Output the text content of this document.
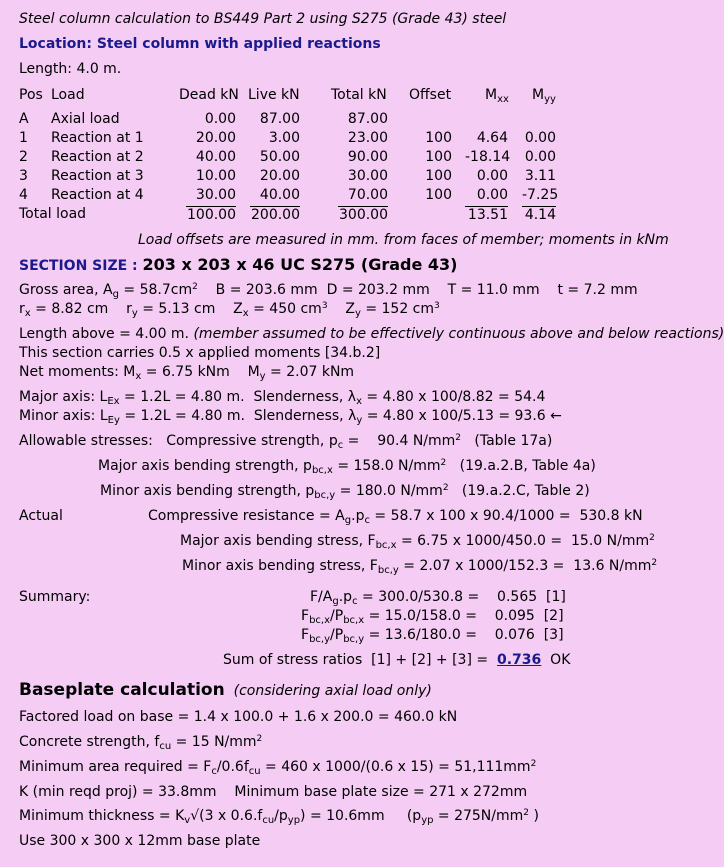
Steel column calculation to BS449 Part 2 using S275 (Grade 43) steel
Location: Steel column with applied reactions
Length: 4.0 m.
Pos Load	Dead kN Live kN Total kN Offset $M_{xx}$ $M_{yy}$
A Axial load	0.00	87.00	87.00
1 Reaction at 1	20.00	3.00	23.00	100	4.64 0.00
2 Reaction at 2	40.00	50.00	90.00	100 -18.14 0.00
3 Reaction at 3	10.00	20.00	30.00	100	0.00 3.11
4 Reaction at 4	30.00	40.00	70.00	100	0.00 -7.25
Total load	100.00 200.00	300.00	13.51 4.14
Load offsets are measured in mm. from faces of member; moments in kNm
SECTION SIZE : 203 x 203 x 46 UC S275 (Grade 43)
Gross area, $A_g = 58.7cm^2$    B = 203.6 mm  D = 203.2 mm    T = 11.0 mm    t = 7.2 mm
$r_x = 8.82$ cm    $r_y = 5.13$ cm    $Z_x = 450$ $cm^3$    $Z_y = 152$ $cm^3$
Length above = 4.00 m. (member assumed to be effectively continuous above and below reactions)
This section carries 0.5 x applied moments [34.b.2]
Net moments: $M_x = 6.75$ kNm    $M_y = 2.07$ kNm
Major axis: $L_{Ex} = 1.2L = 4.80$ m.  Slenderness, $\lambda_x = 4.80$ x 100/8.82 = 54.4
Minor axis: $L_{Ey} = 1.2L = 4.80$ m.  Slenderness, $\lambda_y = 4.80$ x 100/5.13 = 93.6 ←
Allowable stresses:   Compressive strength, $p_c$ =    90.4 $N/mm^2$   (Table 17a)
Major axis bending strength, $p_{bc,x} = 158.0$ $N/mm^2$   (19.a.2.B, Table 4a)
Minor axis bending strength, $p_{bc,y} = 180.0$ $N/mm^2$   (19.a.2.C, Table 2)
Actual	Compressive resistance = $A_g.p_c = 58.7$ x 100 x 90.4/1000 =  530.8 kN
Major axis bending stress, $F_{bc,x} = 6.75$ x 1000/450.0 =  15.0 $N/mm^2$
Minor axis bending stress, $F_{bc,y} = 2.07$ x 1000/152.3 =  13.6 $N/mm^2$
Summary:	$F/A_g.p_c = 300.0/530.8$ =    0.565  [1]
$F_{bc,x}/P_{bc,x} = 15.0/158.0$ =    0.095  [2]
$F_{bc,y}/P_{bc,y} = 13.6/180.0$ =    0.076  [3]
Sum of stress ratios  [1] + [2] + [3] =  0.736  OK
Baseplate calculation (considering axial load only)
Factored load on base = 1.4 x 100.0 + 1.6 x 200.0 = 460.0 kN
Concrete strength, $f_{cu} = 15$ $N/mm^2$
Minimum area required = $F_c/0.6f_{cu} = 460$ x 1000/(0.6 x $15) = 51,111mm^2$
K (min reqd proj) = 33.8mm    Minimum base plate size = 271 x 272mm
Minimum thickness = $K_v√(3$ x $0.6.f_{cu}/p_{yp}) = 10.6mm$     ($p_{yp} = 275N/mm^2$ )
Use 300 x 300 x 12mm base plate
